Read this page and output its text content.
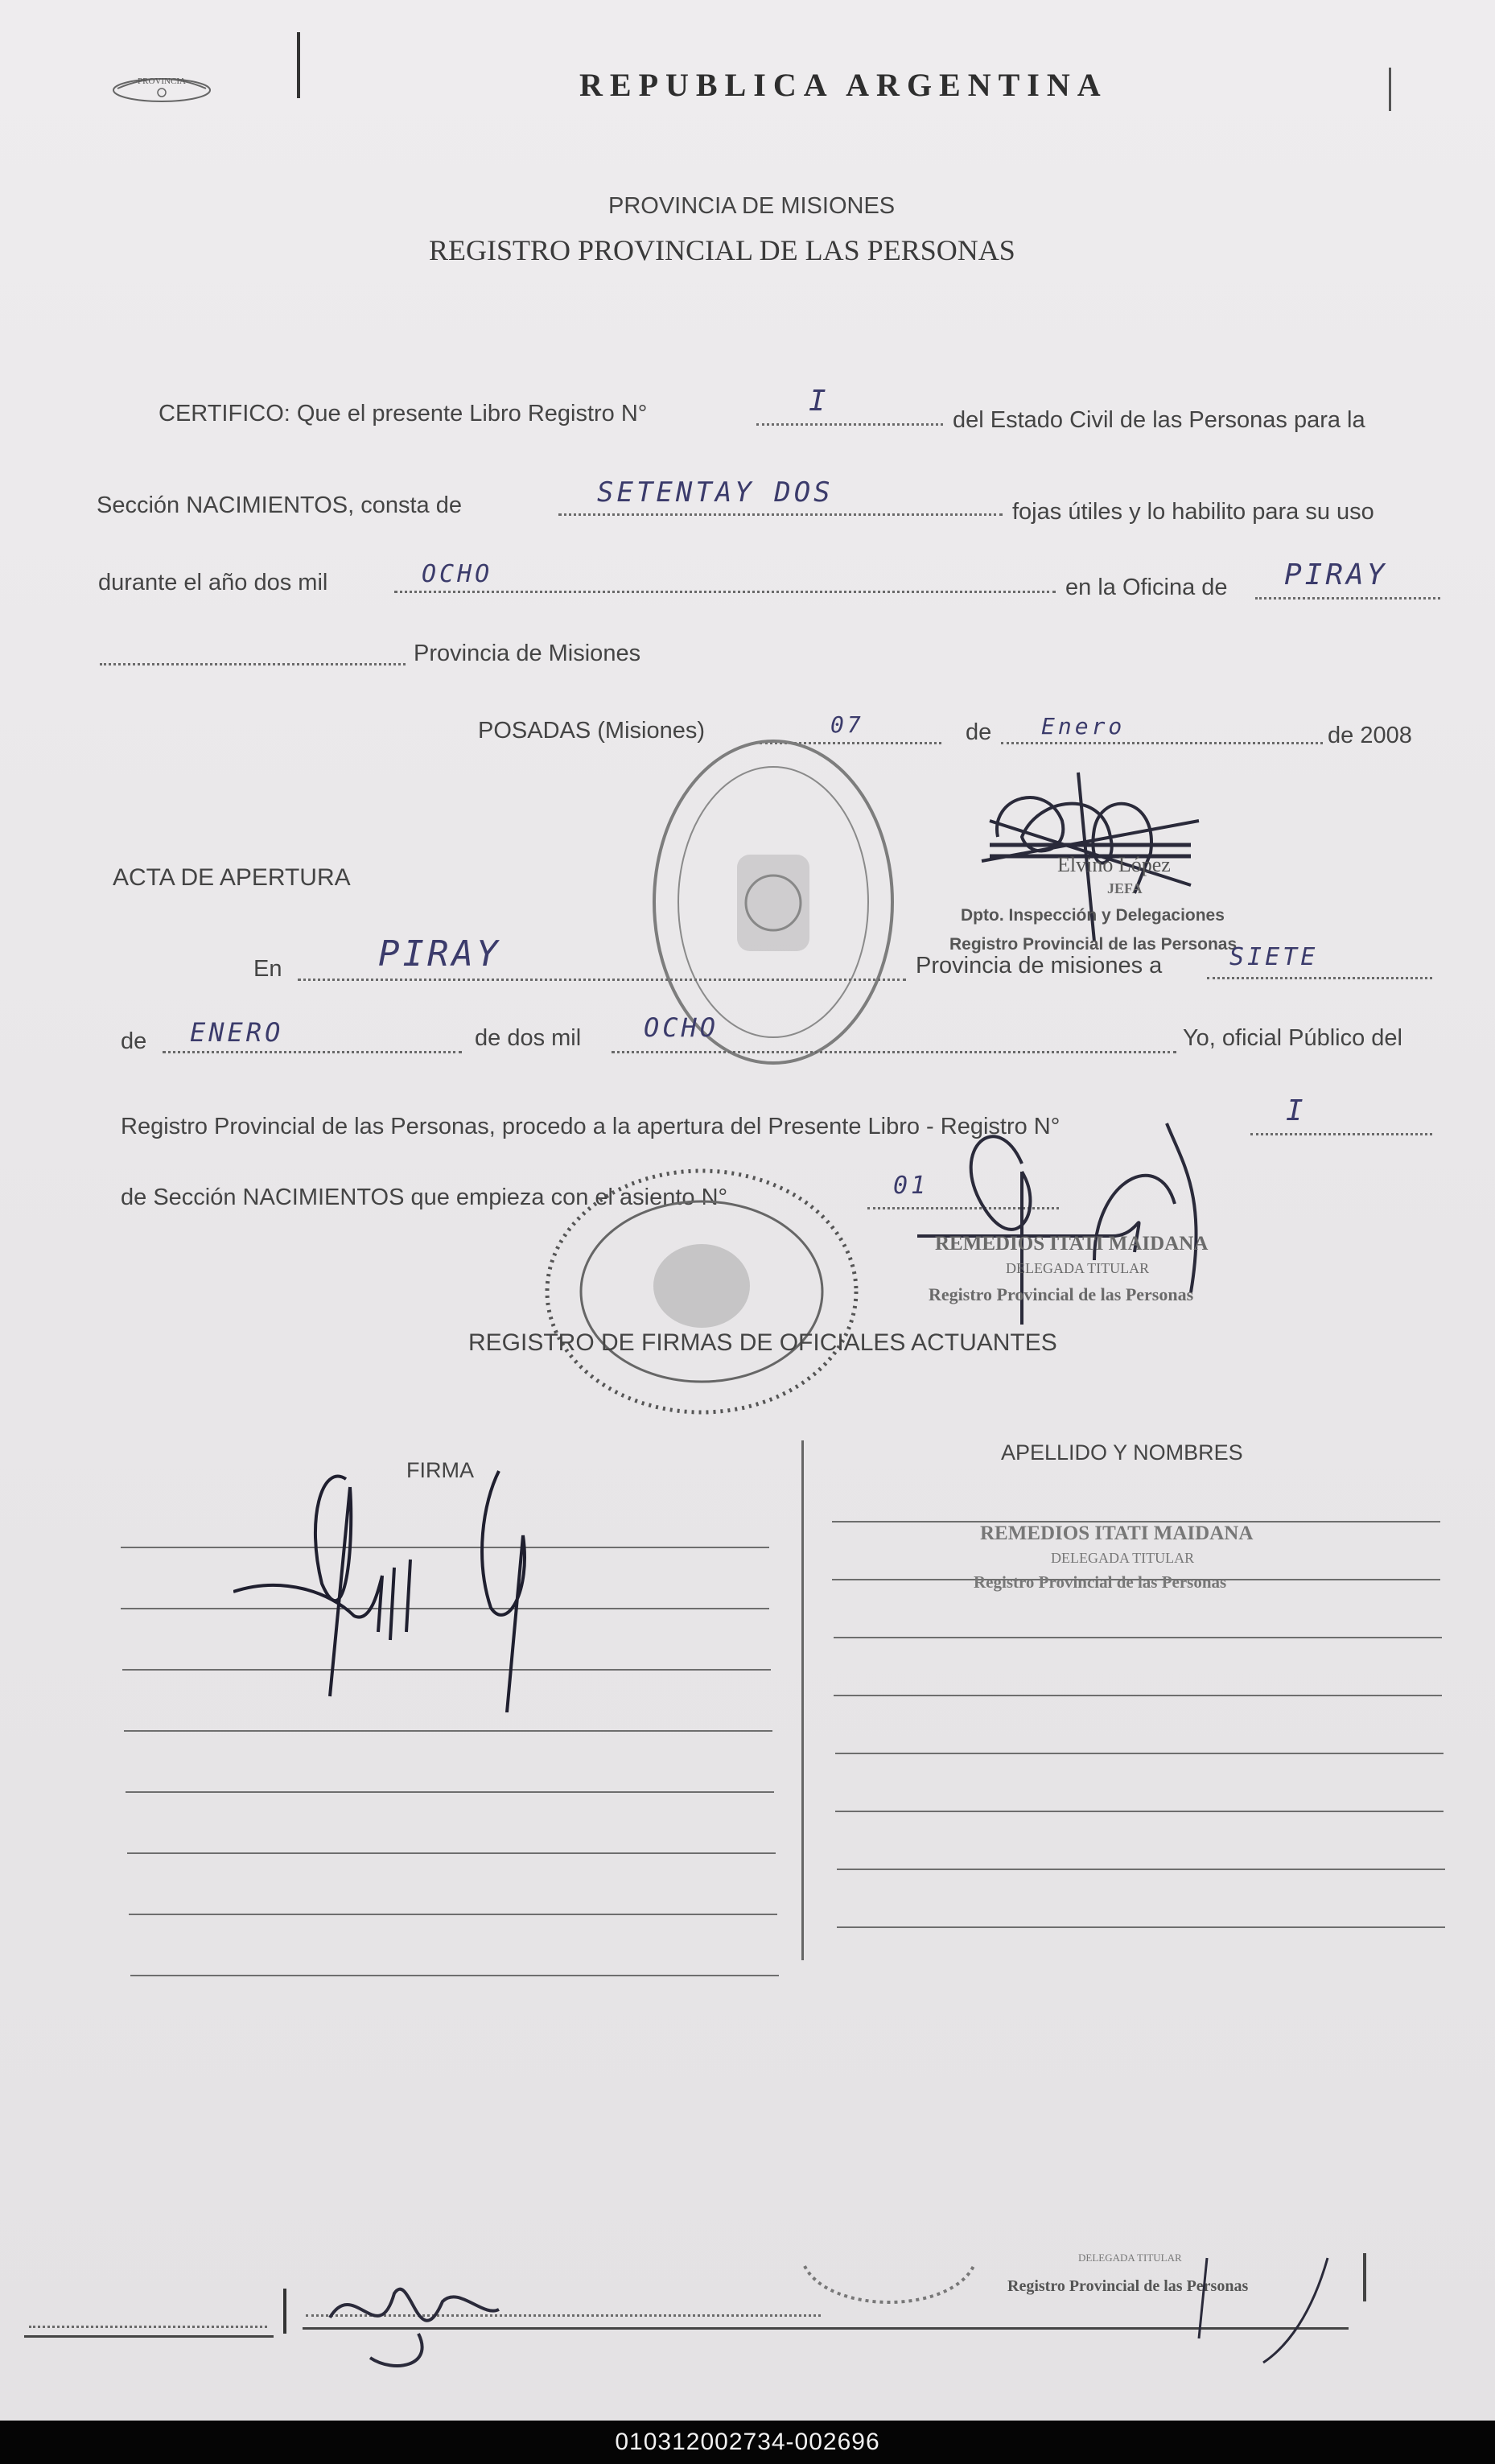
PROVINCIA	REPUBLICA ARGENTINA
PROVINCIA DE MISIONES
REGISTRO PROVINCIAL DE LAS PERSONAS
CERTIFICO: Que el presente Libro Registro N°	I
del Estado Civil de las Personas para la
Sección NACIMIENTOS, consta de	SETENTAY DOS
fojas útiles y lo habilito para su uso
durante el año dos mil	OCHO	en la Oficina de PIRAY
Provincia de Misiones
POSADAS (Misiones)	07	de Enero	de 2008
Elvino López
JEFA
Dpto. Inspección y Delegaciones
Registro Provincial de las Personas
ACTA DE APERTURA
En	PIRAY	Provincia de misiones a	SIETE
de ENERO	de dos mil OCHO	Yo, oficial Público del
Registro Provincial de las Personas, procedo a la apertura del Presente Libro - Registro N°	I
de Sección NACIMIENTOS que empieza con el asiento N°	01
REMEDIOS ITATI MAIDANA
DELEGADA TITULAR
Registro Provincial de las Personas
REGISTRO DE FIRMAS DE OFICIALES ACTUANTES
FIRMA
APELLIDO Y NOMBRES
REMEDIOS ITATI MAIDANA
DELEGADA TITULAR
Registro Provincial de las Personas
DELEGADA TITULAR
Registro Provincial de las Personas
010312002734-002696
